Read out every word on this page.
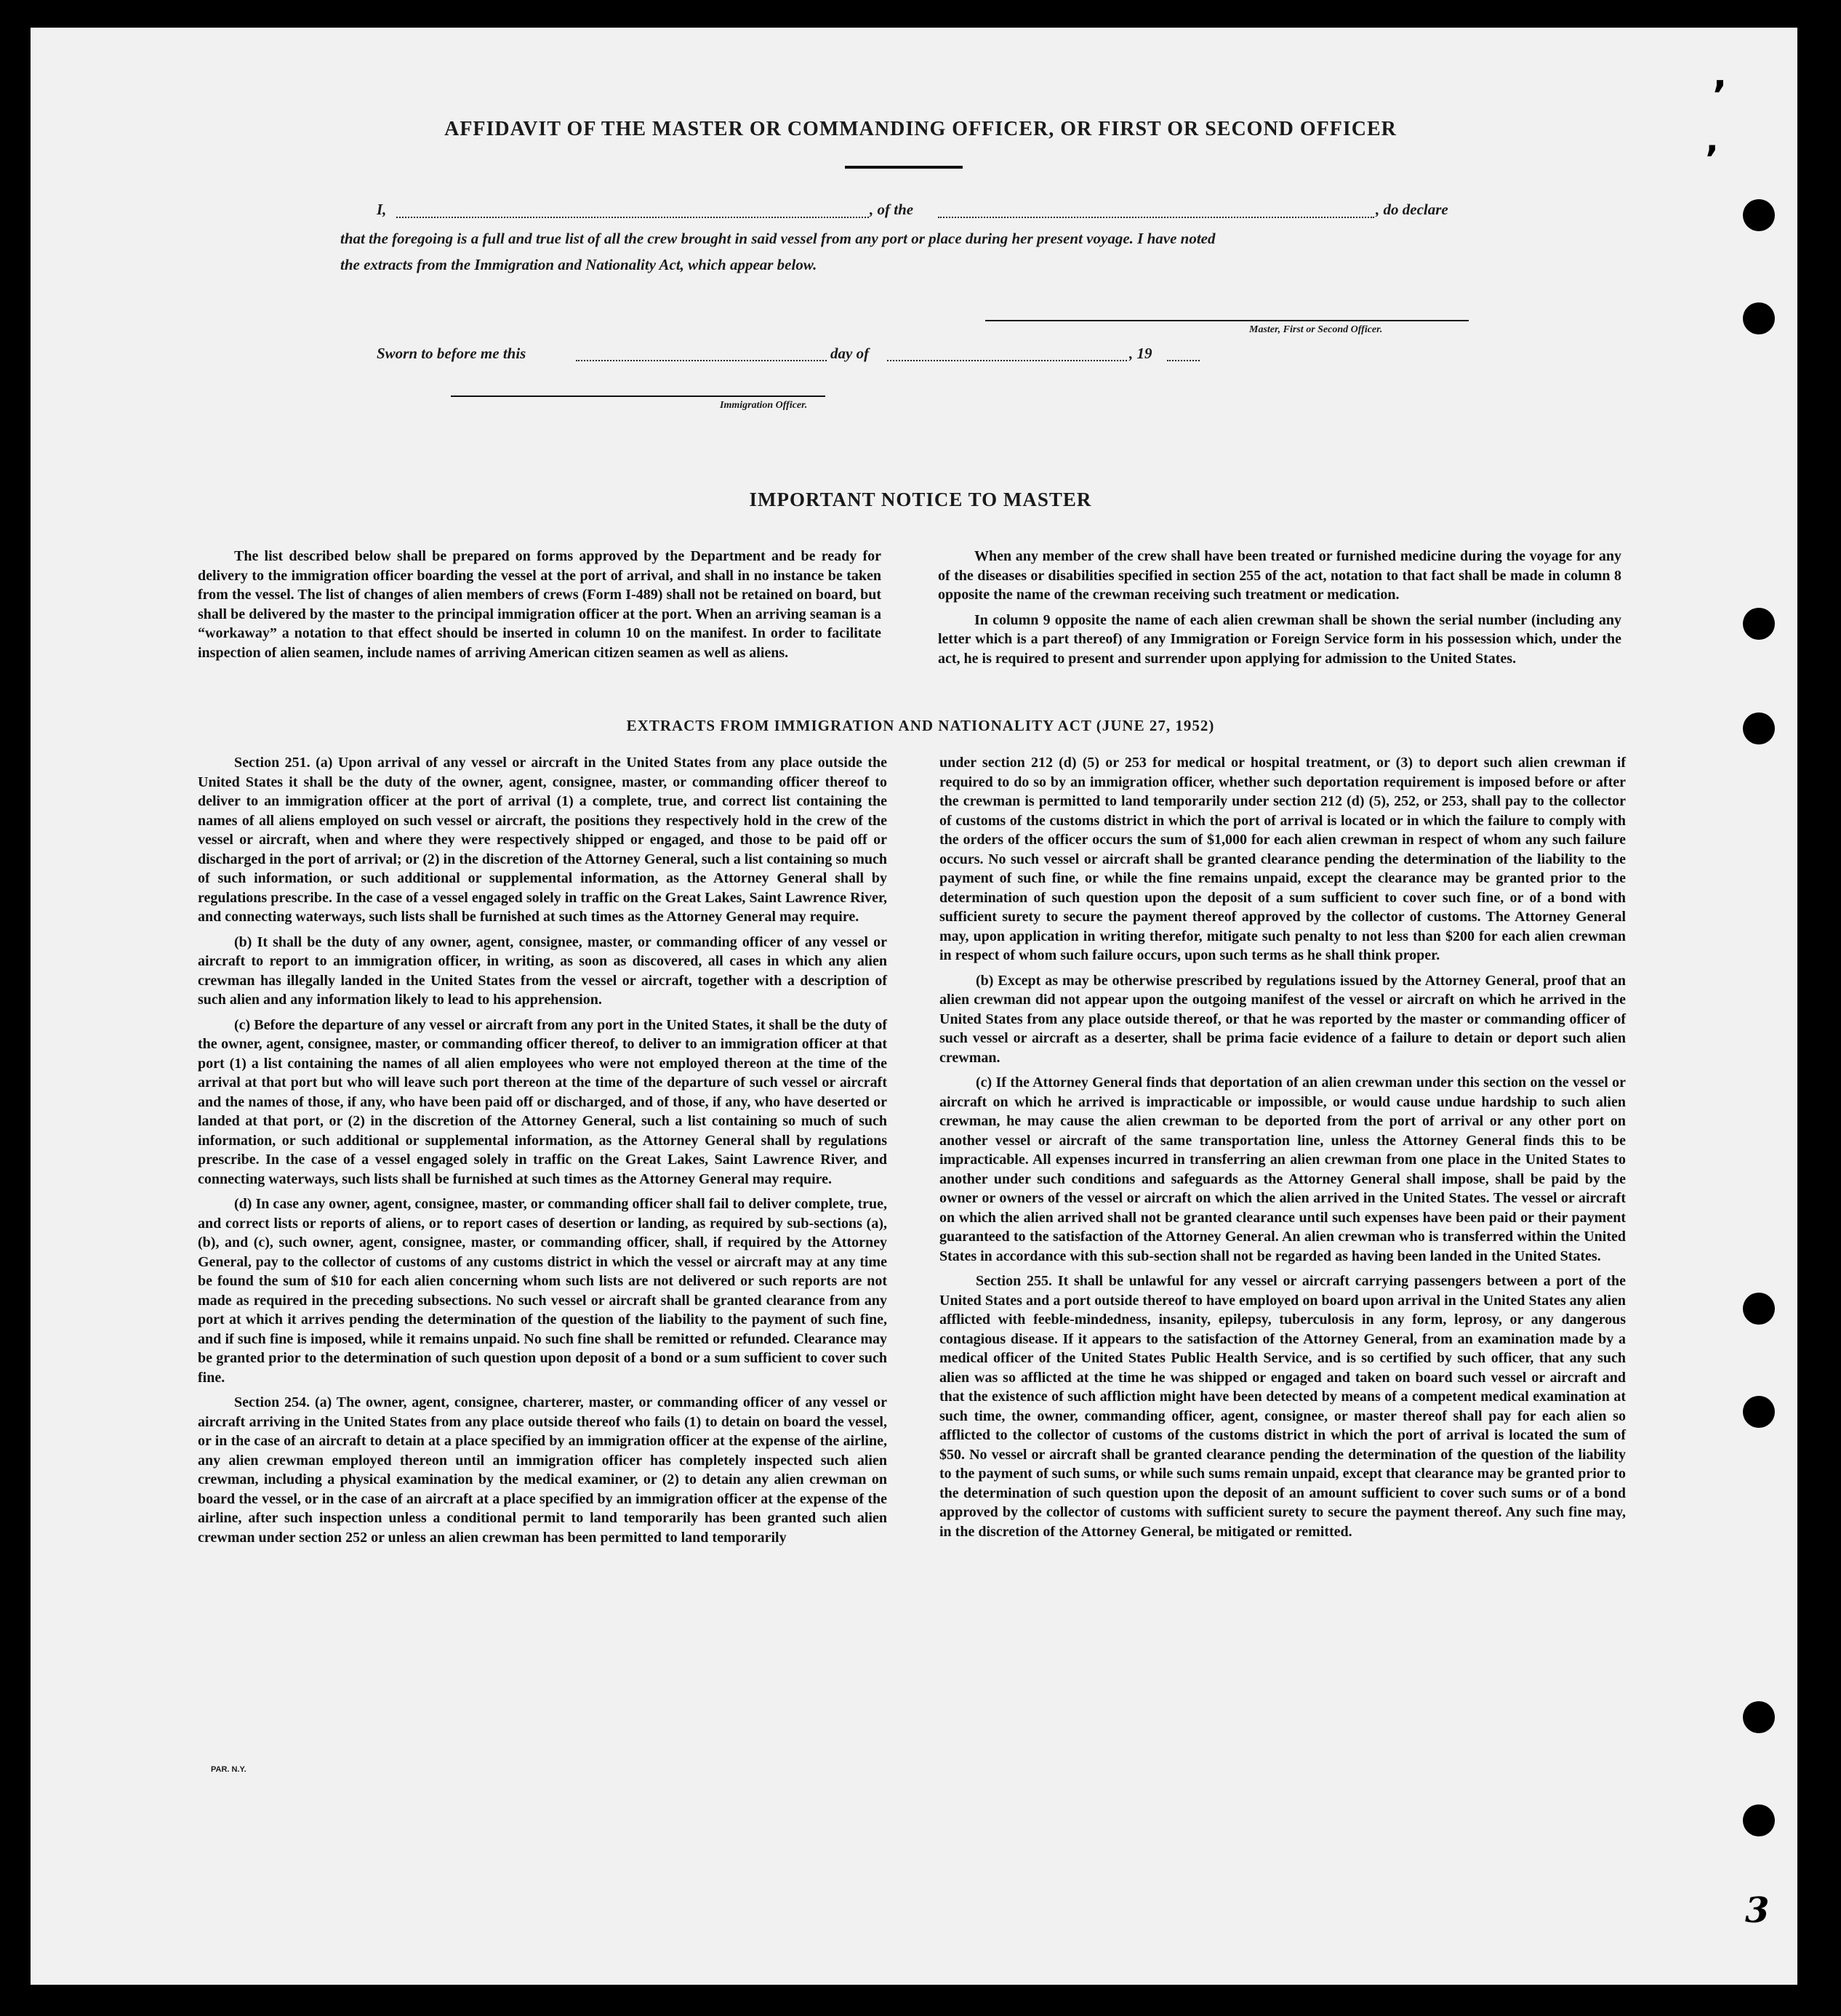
’
’
AFFIDAVIT OF THE MASTER OR COMMANDING OFFICER, OR FIRST OR SECOND OFFICER
I,	, of the	, do declare
that the foregoing is a full and true list of all the crew brought in said vessel from any port or place during her present voyage. I have noted
the extracts from the Immigration and Nationality Act, which appear below.
Master, First or Second Officer.
Sworn to before me this	day of	, 19
Immigration Officer.
IMPORTANT NOTICE TO MASTER

The list described below shall be prepared on forms approved by the Department and be ready for delivery to the immigration officer boarding the vessel at the port of arrival, and shall in no instance be taken from the vessel. The list of changes of alien members of crews (Form I-489) shall not be retained on board, but shall be delivered by the master to the principal immigration officer at the port. When an arriving seaman is a “workaway” a notation to that effect should be inserted in column 10 on the manifest. In order to facilitate inspection of alien seamen, include names of arriving American citizen seamen as well as aliens.

When any member of the crew shall have been treated or furnished medicine during the voyage for any of the diseases or disabilities specified in section 255 of the act, notation to that fact shall be made in column 8 opposite the name of the crewman receiving such treatment or medication.

In column 9 opposite the name of each alien crewman shall be shown the serial number (including any letter which is a part thereof) of any Immigration or Foreign Service form in his possession which, under the act, he is required to present and surrender upon applying for admission to the United States.

EXTRACTS FROM IMMIGRATION AND NATIONALITY ACT (JUNE 27, 1952)

Section 251. (a) Upon arrival of any vessel or aircraft in the United States from any place outside the United States it shall be the duty of the owner, agent, consignee, master, or commanding officer thereof to deliver to an immigration officer at the port of arrival (1) a complete, true, and correct list containing the names of all aliens employed on such vessel or aircraft, the positions they respectively hold in the crew of the vessel or aircraft, when and where they were respectively shipped or engaged, and those to be paid off or discharged in the port of arrival; or (2) in the discretion of the Attorney General, such a list containing so much of such information, or such additional or supplemental information, as the Attorney General shall by regulations prescribe. In the case of a vessel engaged solely in traffic on the Great Lakes, Saint Lawrence River, and connecting waterways, such lists shall be furnished at such times as the Attorney General may require.

(b) It shall be the duty of any owner, agent, consignee, master, or commanding officer of any vessel or aircraft to report to an immigration officer, in writing, as soon as discovered, all cases in which any alien crewman has illegally landed in the United States from the vessel or aircraft, together with a description of such alien and any information likely to lead to his apprehension.

(c) Before the departure of any vessel or aircraft from any port in the United States, it shall be the duty of the owner, agent, consignee, master, or commanding officer thereof, to deliver to an immigration officer at that port (1) a list containing the names of all alien employees who were not employed thereon at the time of the arrival at that port but who will leave such port thereon at the time of the departure of such vessel or aircraft and the names of those, if any, who have been paid off or discharged, and of those, if any, who have deserted or landed at that port, or (2) in the discretion of the Attorney General, such a list containing so much of such information, or such additional or supplemental information, as the Attorney General shall by regulations prescribe. In the case of a vessel engaged solely in traffic on the Great Lakes, Saint Lawrence River, and connecting waterways, such lists shall be furnished at such times as the Attorney General may require.

(d) In case any owner, agent, consignee, master, or commanding officer shall fail to deliver complete, true, and correct lists or reports of aliens, or to report cases of desertion or landing, as required by sub-sections (a), (b), and (c), such owner, agent, consignee, master, or commanding officer, shall, if required by the Attorney General, pay to the collector of customs of any customs district in which the vessel or aircraft may at any time be found the sum of $10 for each alien concerning whom such lists are not delivered or such reports are not made as required in the preceding subsections. No such vessel or aircraft shall be granted clearance from any port at which it arrives pending the determination of the question of the liability to the payment of such fine, and if such fine is imposed, while it remains unpaid. No such fine shall be remitted or refunded. Clearance may be granted prior to the determination of such question upon deposit of a bond or a sum sufficient to cover such fine.

Section 254. (a) The owner, agent, consignee, charterer, master, or commanding officer of any vessel or aircraft arriving in the United States from any place outside thereof who fails (1) to detain on board the vessel, or in the case of an aircraft to detain at a place specified by an immigration officer at the expense of the airline, any alien crewman employed thereon until an immigration officer has completely inspected such alien crewman, including a physical examination by the medical examiner, or (2) to detain any alien crewman on board the vessel, or in the case of an aircraft at a place specified by an immigration officer at the expense of the airline, after such inspection unless a conditional permit to land temporarily has been granted such alien crewman under section 252 or unless an alien crewman has been permitted to land temporarily

under section 212 (d) (5) or 253 for medical or hospital treatment, or (3) to deport such alien crewman if required to do so by an immigration officer, whether such deportation requirement is imposed before or after the crewman is permitted to land temporarily under section 212 (d) (5), 252, or 253, shall pay to the collector of customs of the customs district in which the port of arrival is located or in which the failure to comply with the orders of the officer occurs the sum of $1,000 for each alien crewman in respect of whom any such failure occurs. No such vessel or aircraft shall be granted clearance pending the determination of the liability to the payment of such fine, or while the fine remains unpaid, except the clearance may be granted prior to the determination of such question upon the deposit of a sum sufficient to cover such fine, or of a bond with sufficient surety to secure the payment thereof approved by the collector of customs. The Attorney General may, upon application in writing therefor, mitigate such penalty to not less than $200 for each alien crewman in respect of whom such failure occurs, upon such terms as he shall think proper.

(b) Except as may be otherwise prescribed by regulations issued by the Attorney General, proof that an alien crewman did not appear upon the outgoing manifest of the vessel or aircraft on which he arrived in the United States from any place outside thereof, or that he was reported by the master or commanding officer of such vessel or aircraft as a deserter, shall be prima facie evidence of a failure to detain or deport such alien crewman.

(c) If the Attorney General finds that deportation of an alien crewman under this section on the vessel or aircraft on which he arrived is impracticable or impossible, or would cause undue hardship to such alien crewman, he may cause the alien crewman to be deported from the port of arrival or any other port on another vessel or aircraft of the same transportation line, unless the Attorney General finds this to be impracticable. All expenses incurred in transferring an alien crewman from one place in the United States to another under such conditions and safeguards as the Attorney General shall impose, shall be paid by the owner or owners of the vessel or aircraft on which the alien arrived in the United States. The vessel or aircraft on which the alien arrived shall not be granted clearance until such expenses have been paid or their payment guaranteed to the satisfaction of the Attorney General. An alien crewman who is transferred within the United States in accordance with this sub-section shall not be regarded as having been landed in the United States.

Section 255. It shall be unlawful for any vessel or aircraft carrying passengers between a port of the United States and a port outside thereof to have employed on board upon arrival in the United States any alien afflicted with feeble-mindedness, insanity, epilepsy, tuberculosis in any form, leprosy, or any dangerous contagious disease. If it appears to the satisfaction of the Attorney General, from an examination made by a medical officer of the United States Public Health Service, and is so certified by such officer, that any such alien was so afflicted at the time he was shipped or engaged and taken on board such vessel or aircraft and that the existence of such affliction might have been detected by means of a competent medical examination at such time, the owner, commanding officer, agent, consignee, or master thereof shall pay for each alien so afflicted to the collector of customs of the customs district in which the port of arrival is located the sum of $50. No vessel or aircraft shall be granted clearance pending the determination of the question of the liability to the payment of such sums, or while such sums remain unpaid, except that clearance may be granted prior to the determination of such question upon the deposit of an amount sufficient to cover such sums or of a bond approved by the collector of customs with sufficient surety to secure the payment thereof. Any such fine may, in the discretion of the Attorney General, be mitigated or remitted.

PAR. N.Y.
3
